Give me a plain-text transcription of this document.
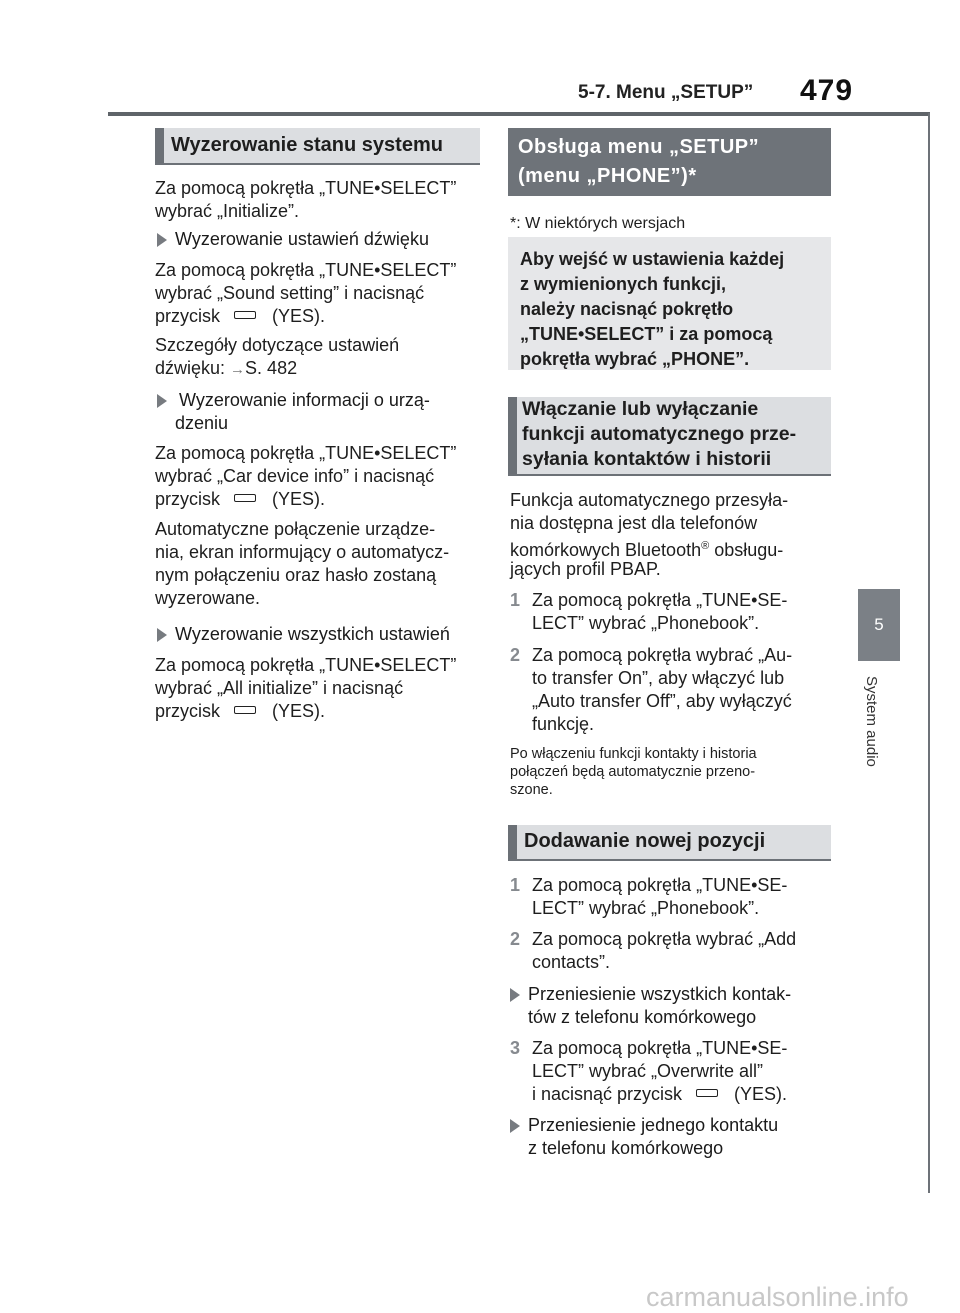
5-7. Menu „SETUP” 479
5
System audio
Wyzerowanie stanu systemu
Za pomocą pokrętła „TUNE•SELECT”
wybrać „Initialize”.
Wyzerowanie ustawień dźwięku
Za pomocą pokrętła „TUNE•SELECT”
wybrać „Sound setting” i nacisnąć
przycisk	(YES).
Szczegóły dotyczące ustawień
dźwięku: →S. 482
Wyzerowanie informacji o urzą-
dzeniu
Za pomocą pokrętła „TUNE•SELECT”
wybrać „Car device info” i nacisnąć
przycisk	(YES).
Automatyczne połączenie urządze-
nia, ekran informujący o automatycz-
nym połączeniu oraz hasło zostaną
wyzerowane.
Wyzerowanie wszystkich ustawień
Za pomocą pokrętła „TUNE•SELECT”
wybrać „All initialize” i nacisnąć
przycisk	(YES).
Obsługa menu „SETUP”
(menu „PHONE”)*
*: W niektórych wersjach
Aby wejść w ustawienia każdej
z wymienionych funkcji,
należy nacisnąć pokrętło
„TUNE•SELECT” i za pomocą
pokrętła wybrać „PHONE”.
Włączanie lub wyłączanie
funkcji automatycznego prze-
syłania kontaktów i historii
Funkcja automatycznego przesyła-
nia dostępna jest dla telefonów
komórkowych Bluetooth® obsługu-
jących profil PBAP.
1 Za pomocą pokrętła „TUNE•SE-
LECT” wybrać „Phonebook”.
2 Za pomocą pokrętła wybrać „Au-
to transfer On”, aby włączyć lub
„Auto transfer Off”, aby wyłączyć
funkcję.
Po włączeniu funkcji kontakty i historia
połączeń będą automatycznie przeno-
szone.
Dodawanie nowej pozycji
1 Za pomocą pokrętła „TUNE•SE-
LECT” wybrać „Phonebook”.
2 Za pomocą pokrętła wybrać „Add
contacts”.
Przeniesienie wszystkich kontak-
tów z telefonu komórkowego
3 Za pomocą pokrętła „TUNE•SE-
LECT” wybrać „Overwrite all”
i nacisnąć przycisk	(YES).
Przeniesienie jednego kontaktu
z telefonu komórkowego
carmanualsonline.info
